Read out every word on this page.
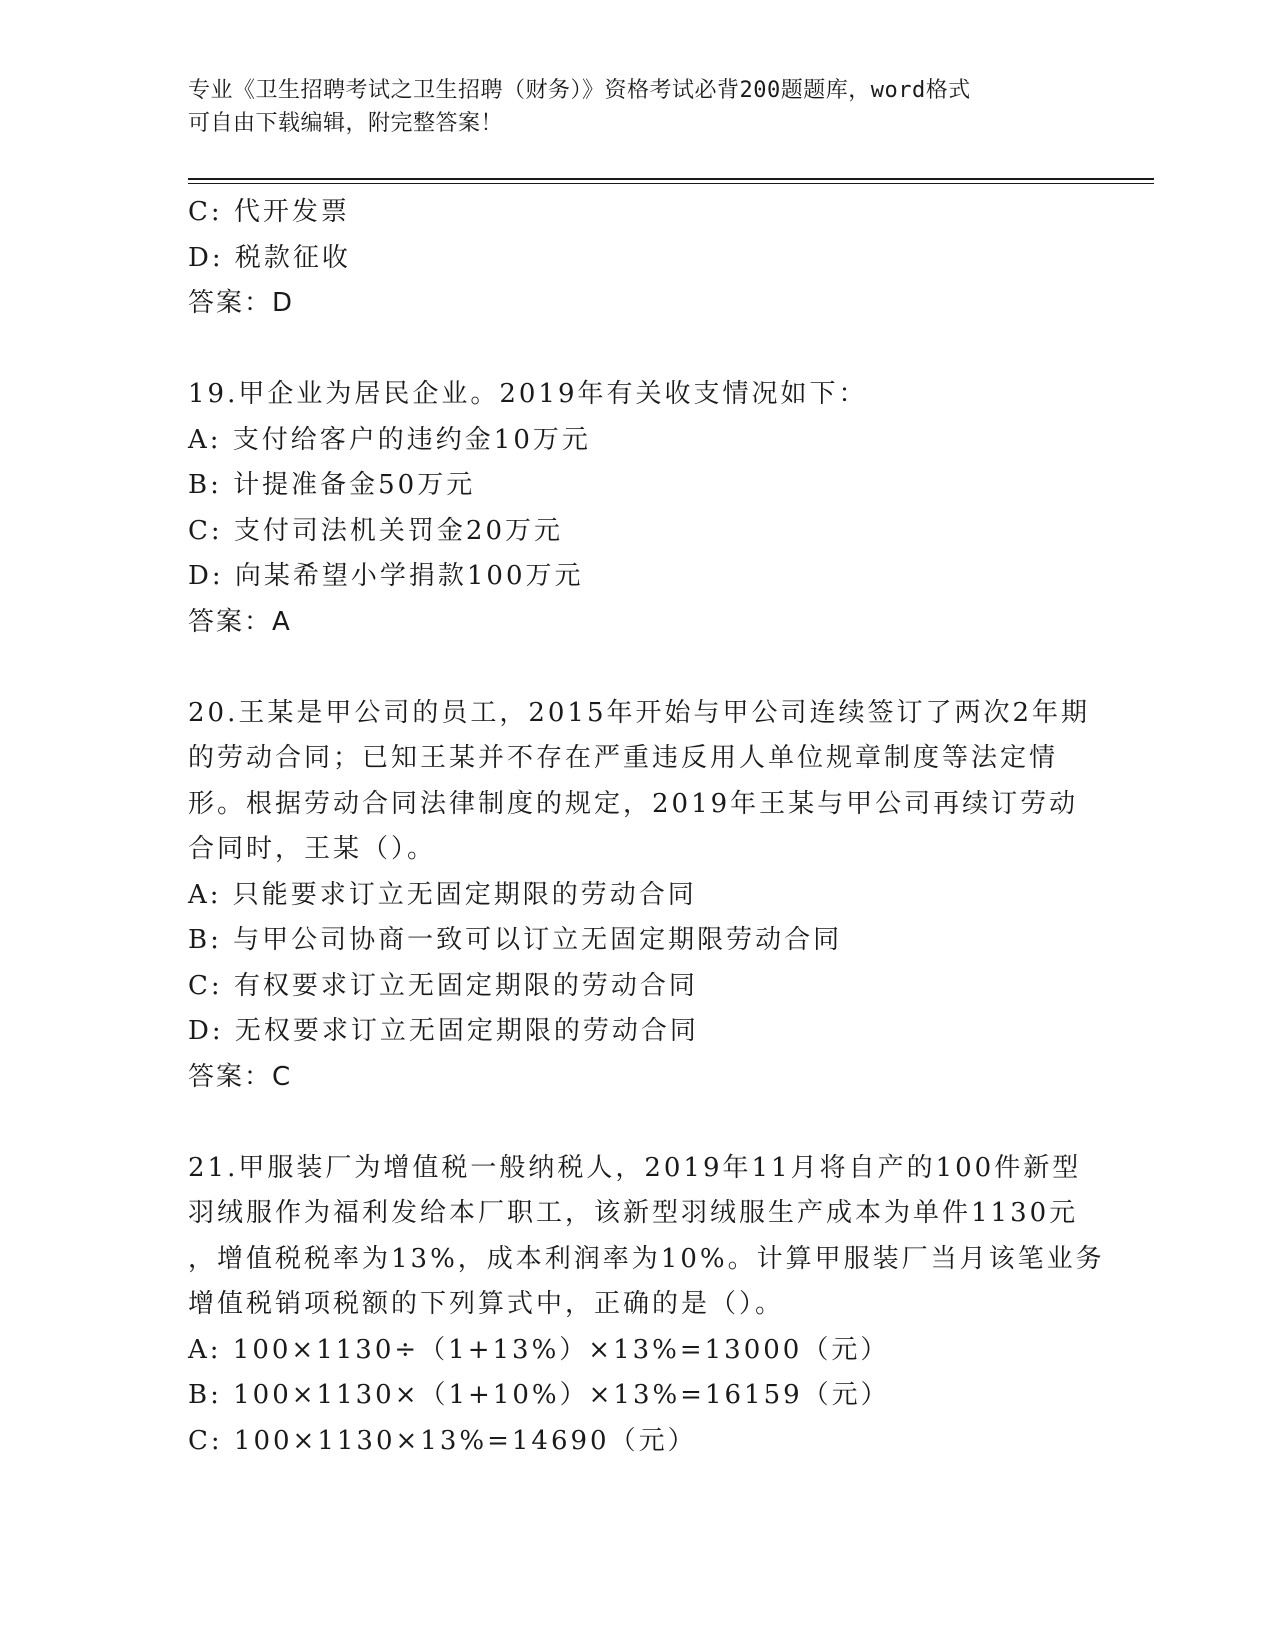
专业《卫生招聘考试之卫生招聘（财务）》资格考试必背200题题库，word格式
可自由下载编辑，附完整答案！
C: 代开发票
D: 税款征收
答案：D
19.甲企业为居民企业。2019年有关收支情况如下：
A: 支付给客户的违约金10万元
B: 计提准备金50万元
C: 支付司法机关罚金20万元
D: 向某希望小学捐款100万元
答案：A
20.王某是甲公司的员工，2015年开始与甲公司连续签订了两次2年期
的劳动合同；已知王某并不存在严重违反用人单位规章制度等法定情
形。根据劳动合同法律制度的规定，2019年王某与甲公司再续订劳动
合同时，王某（）。
A: 只能要求订立无固定期限的劳动合同
B: 与甲公司协商一致可以订立无固定期限劳动合同
C: 有权要求订立无固定期限的劳动合同
D: 无权要求订立无固定期限的劳动合同
答案：C
21.甲服装厂为增值税一般纳税人，2019年11月将自产的100件新型
羽绒服作为福利发给本厂职工，该新型羽绒服生产成本为单件1130元
，增值税税率为13%，成本利润率为10%。计算甲服装厂当月该笔业务
增值税销项税额的下列算式中，正确的是（）。
A: 100×1130÷（1+13%）×13%=13000（元）
B: 100×1130×（1+10%）×13%=16159（元）
C: 100×1130×13%=14690（元）
